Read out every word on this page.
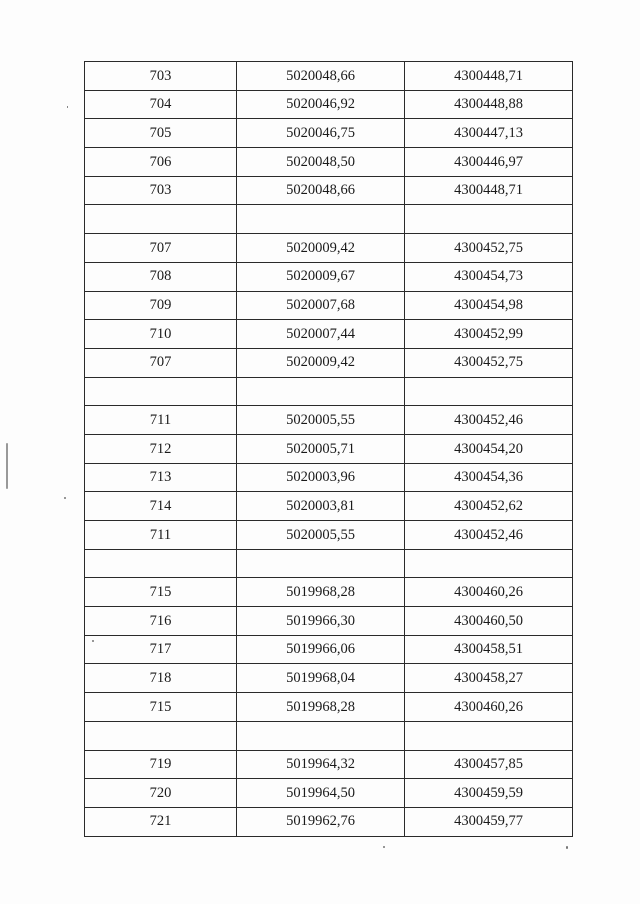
703	5020048,66	4300448,71
704	5020046,92	4300448,88
705	5020046,75	4300447,13
706	5020048,50	4300446,97
703	5020048,66	4300448,71

707	5020009,42	4300452,75
708	5020009,67	4300454,73
709	5020007,68	4300454,98
710	5020007,44	4300452,99
707	5020009,42	4300452,75

711	5020005,55	4300452,46
712	5020005,71	4300454,20
713	5020003,96	4300454,36
714	5020003,81	4300452,62
711	5020005,55	4300452,46

715	5019968,28	4300460,26
716	5019966,30	4300460,50
717	5019966,06	4300458,51
718	5019968,04	4300458,27
715	5019968,28	4300460,26

719	5019964,32	4300457,85
720	5019964,50	4300459,59
721	5019962,76	4300459,77
